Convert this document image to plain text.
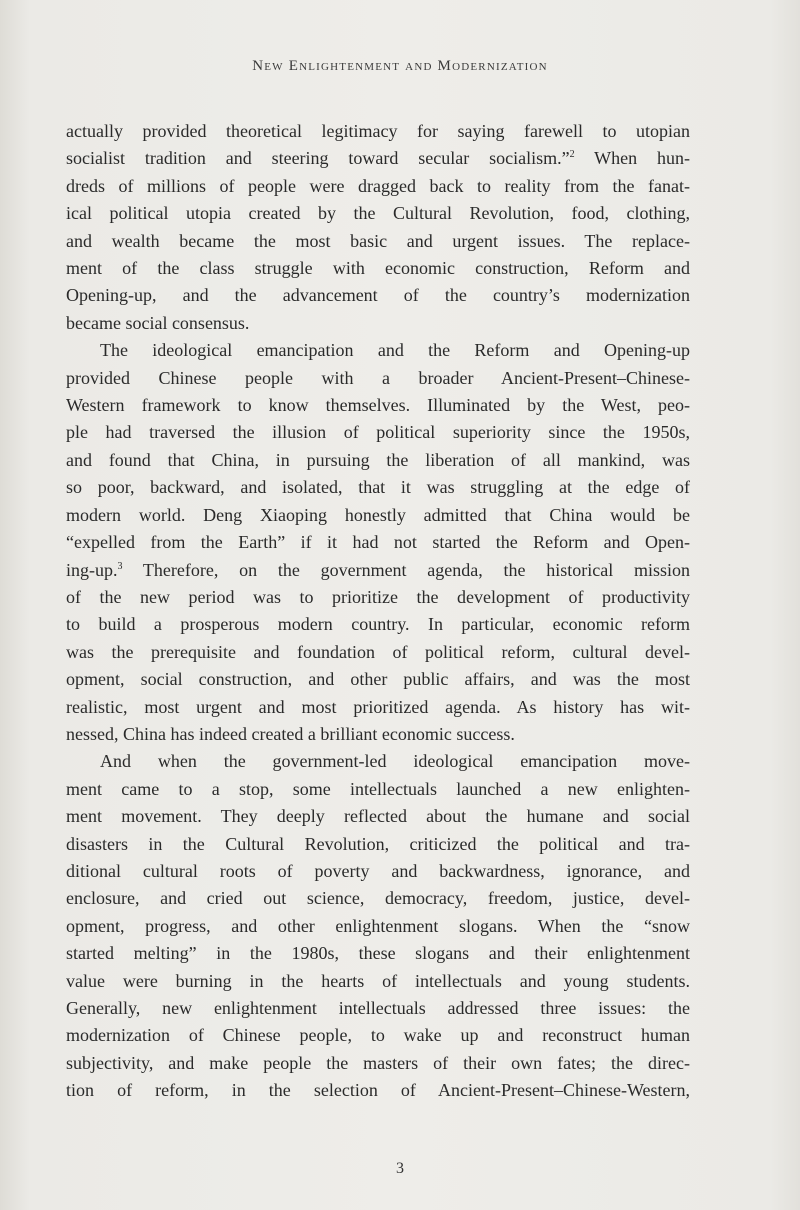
New Enlightenment and Modernization
actually provided theoretical legitimacy for saying farewell to utopian
socialist tradition and steering toward secular socialism.”$^2$ When hun-
dreds of millions of people were dragged back to reality from the fanat-
ical political utopia created by the Cultural Revolution, food, clothing,
and wealth became the most basic and urgent issues. The replace-
ment of the class struggle with economic construction, Reform and
Opening-up, and the advancement of the country’s modernization
became social consensus.
The ideological emancipation and the Reform and Opening-up
provided Chinese people with a broader Ancient-Present–Chinese-
Western framework to know themselves. Illuminated by the West, peo-
ple had traversed the illusion of political superiority since the 1950s,
and found that China, in pursuing the liberation of all mankind, was
so poor, backward, and isolated, that it was struggling at the edge of
modern world. Deng Xiaoping honestly admitted that China would be
“expelled from the Earth” if it had not started the Reform and Open-
ing-up.$^3$ Therefore, on the government agenda, the historical mission
of the new period was to prioritize the development of productivity
to build a prosperous modern country. In particular, economic reform
was the prerequisite and foundation of political reform, cultural devel-
opment, social construction, and other public affairs, and was the most
realistic, most urgent and most prioritized agenda. As history has wit-
nessed, China has indeed created a brilliant economic success.
And when the government-led ideological emancipation move-
ment came to a stop, some intellectuals launched a new enlighten-
ment movement. They deeply reflected about the humane and social
disasters in the Cultural Revolution, criticized the political and tra-
ditional cultural roots of poverty and backwardness, ignorance, and
enclosure, and cried out science, democracy, freedom, justice, devel-
opment, progress, and other enlightenment slogans. When the “snow
started melting” in the 1980s, these slogans and their enlightenment
value were burning in the hearts of intellectuals and young students.
Generally, new enlightenment intellectuals addressed three issues: the
modernization of Chinese people, to wake up and reconstruct human
subjectivity, and make people the masters of their own fates; the direc-
tion of reform, in the selection of Ancient-Present–Chinese-Western,
3
